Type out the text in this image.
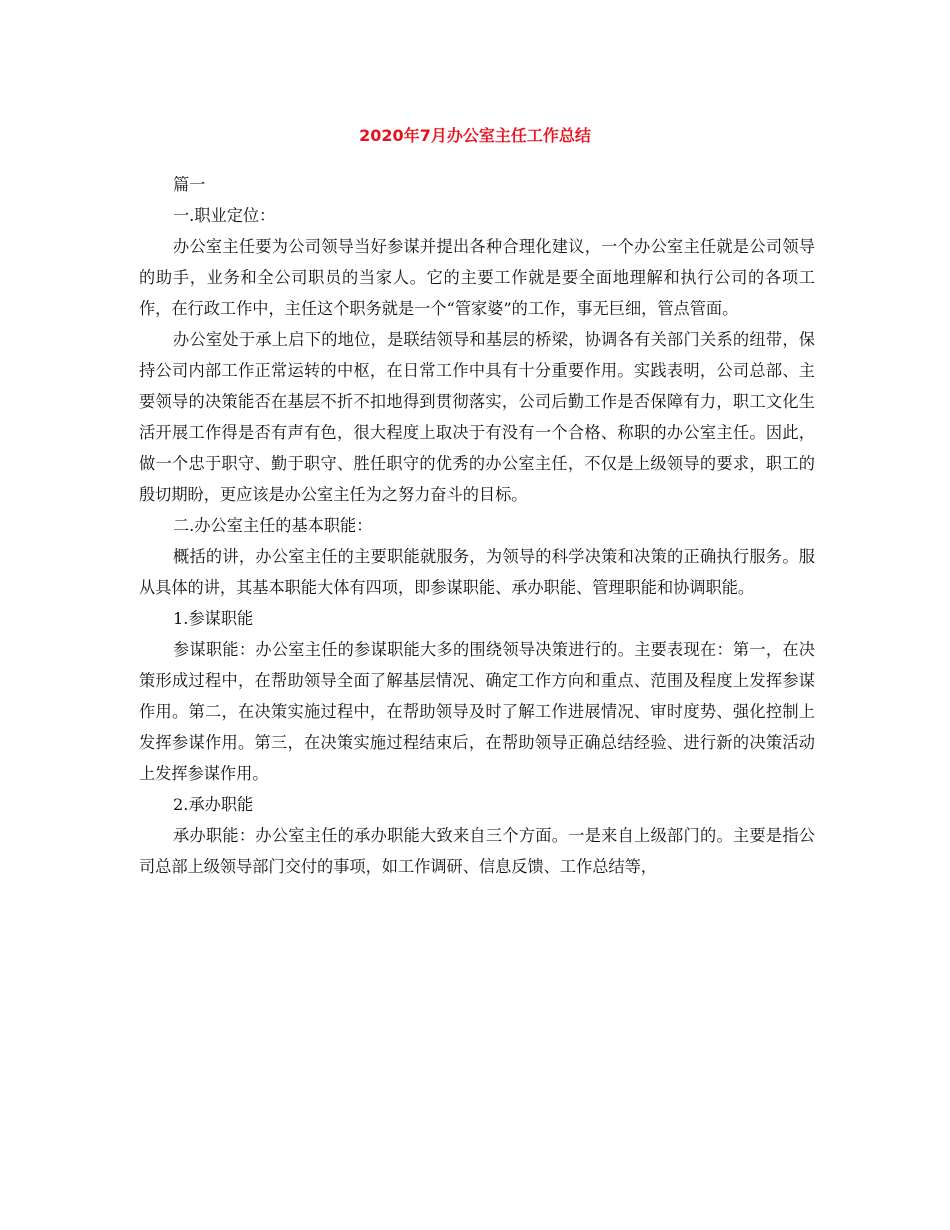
2020年7月办公室主任工作总结

篇一

一.职业定位：

办公室主任要为公司领导当好参谋并提出各种合理化建议，一个办公室主任就是公司领导的助手，业务和全公司职员的当家人。它的主要工作就是要全面地理解和执行公司的各项工作，在行政工作中，主任这个职务就是一个“管家婆”的工作，事无巨细，管点管面。

办公室处于承上启下的地位，是联结领导和基层的桥梁，协调各有关部门关系的纽带，保持公司内部工作正常运转的中枢，在日常工作中具有十分重要作用。实践表明，公司总部、主要领导的决策能否在基层不折不扣地得到贯彻落实，公司后勤工作是否保障有力，职工文化生活开展工作得是否有声有色，很大程度上取决于有没有一个合格、称职的办公室主任。因此，做一个忠于职守、勤于职守、胜任职守的优秀的办公室主任，不仅是上级领导的要求，职工的殷切期盼，更应该是办公室主任为之努力奋斗的目标。

二.办公室主任的基本职能：

概括的讲，办公室主任的主要职能就服务，为领导的科学决策和决策的正确执行服务。服从具体的讲，其基本职能大体有四项，即参谋职能、承办职能、管理职能和协调职能。

1.参谋职能

参谋职能：办公室主任的参谋职能大多的围绕领导决策进行的。主要表现在：第一，在决策形成过程中，在帮助领导全面了解基层情况、确定工作方向和重点、范围及程度上发挥参谋作用。第二，在决策实施过程中，在帮助领导及时了解工作进展情况、审时度势、强化控制上发挥参谋作用。第三，在决策实施过程结束后，在帮助领导正确总结经验、进行新的决策活动上发挥参谋作用。

2.承办职能

承办职能：办公室主任的承办职能大致来自三个方面。一是来自上级部门的。主要是指公司总部上级领导部门交付的事项，如工作调研、信息反馈、工作总结等，
